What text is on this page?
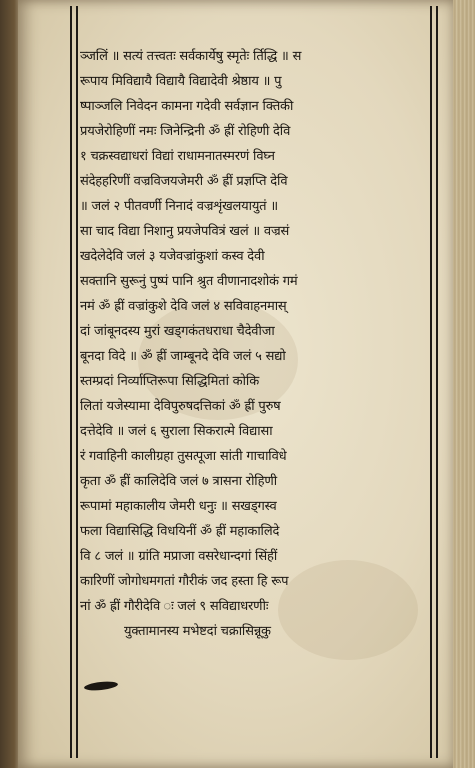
ञ्जलिं ॥ सत्यं तत्त्वतः सर्वकार्येषु स्मृतेः र्तिद्धि ॥ स
रूपाय मिविद्यायै विद्यायै विद्यादेवी श्रेष्ठाय ॥ पु
ष्पाञ्जलि निवेदन कामना गदेवी सर्वज्ञान क्तिकी
प्रयजेरोहिणीं नमः जिनेन्द्रिनी ॐ ह्रीं रोहिणी देवि
१ चक्रस्वद्याधरां विद्यां राधामनातस्मरणं विघ्न
संदेहहरिणीं वज्रविजयजेमरी ॐ ह्रीं प्रज्ञप्ति देवि
॥ जलं २ पीतवर्णी निनादं वज्रशृंखलयायुतं ॥
सा चाद विद्या निशानु प्रयजेपवित्रं खलं ॥ वज्रसं
खदेलेदेवि जलं ३ यजेवज्रांकुशां कस्व देवी
सक्तानि सुरूनुं पुष्पं पानि श्रुत वीणानादशोकं गमं
नमं ॐ ह्रीं वज्रांकुशे देवि जलं ४ सविवाहनमास्
दां जांबूनदस्य मुरां खड्गकंतधराधा चैदेवीजा
बूनदा विदे ॥ ॐ ह्रीं जाम्बूनदे देवि जलं ५ सद्यो
स्तम्प्रदां निर्व्याप्तिरूपा सिद्धिमितां कोकि
लितां यजेस्यामा देविपुरुषदत्तिकां ॐ ह्रीं पुरुष
दत्तेदेवि ॥ जलं ६ सुराला सिकरात्मे विद्यासा
रं गवाहिनी कालीग्रहा तुसत्पूजा सांती गाचाविधे
कृता ॐ ह्रीं कालिदेवि जलं ७ त्रासना रोहिणी
रूपामां महाकालीय जेमरी धनुः ॥ सखड्गस्व
फला विद्यासिद्धि विधयिनीं ॐ ह्रीं महाकालिदे
वि ८ जलं ॥ ग्रांति मप्राजा वसरेधान्दगां सिंहीं
कारिणीं जोगोधमगतां गौरीकं जद हस्ता हि रूप
नां ॐ ह्रीं गौरीदेवि ः जलं ९ सविद्याधरणीः
युक्तामानस्य मभेष्टदां चक्रासिन्नूकु
